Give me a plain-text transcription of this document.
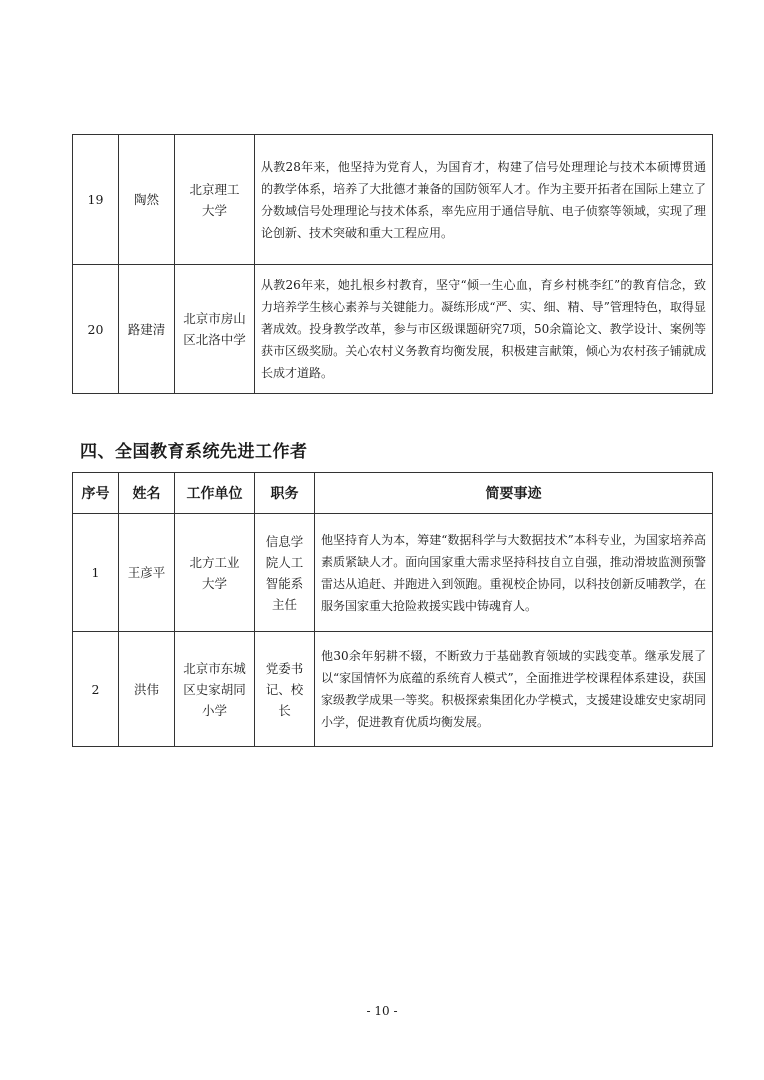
19	陶然	北京理工大学	从教28年来，他坚持为党育人，为国育才，构建了信号处理理论与技术本硕博贯通的教学体系，培养了大批德才兼备的国防领军人才。作为主要开拓者在国际上建立了分数域信号处理理论与技术体系，率先应用于通信导航、电子侦察等领域，实现了理论创新、技术突破和重大工程应用。
20	路建清	北京市房山区北洛中学	从教26年来，她扎根乡村教育，坚守“倾一生心血，育乡村桃李红”的教育信念，致力培养学生核心素养与关键能力。凝练形成“严、实、细、精、导”管理特色，取得显著成效。投身教学改革，参与市区级课题研究7项，50余篇论文、教学设计、案例等获市区级奖励。关心农村义务教育均衡发展，积极建言献策，倾心为农村孩子铺就成长成才道路。
四、全国教育系统先进工作者
序号	姓名	工作单位	职务	简要事迹
1	王彦平	北方工业大学	信息学院人工智能系主任	他坚持育人为本，筹建“数据科学与大数据技术”本科专业，为国家培养高素质紧缺人才。面向国家重大需求坚持科技自立自强，推动滑坡监测预警雷达从追赶、并跑进入到领跑。重视校企协同，以科技创新反哺教学，在服务国家重大抢险救援实践中铸魂育人。
2	洪伟	北京市东城区史家胡同小学	党委书记、校长	他30余年躬耕不辍，不断致力于基础教育领域的实践变革。继承发展了以“家国情怀为底蕴的系统育人模式”，全面推进学校课程体系建设，获国家级教学成果一等奖。积极探索集团化办学模式，支援建设雄安史家胡同小学，促进教育优质均衡发展。
- 10 -
